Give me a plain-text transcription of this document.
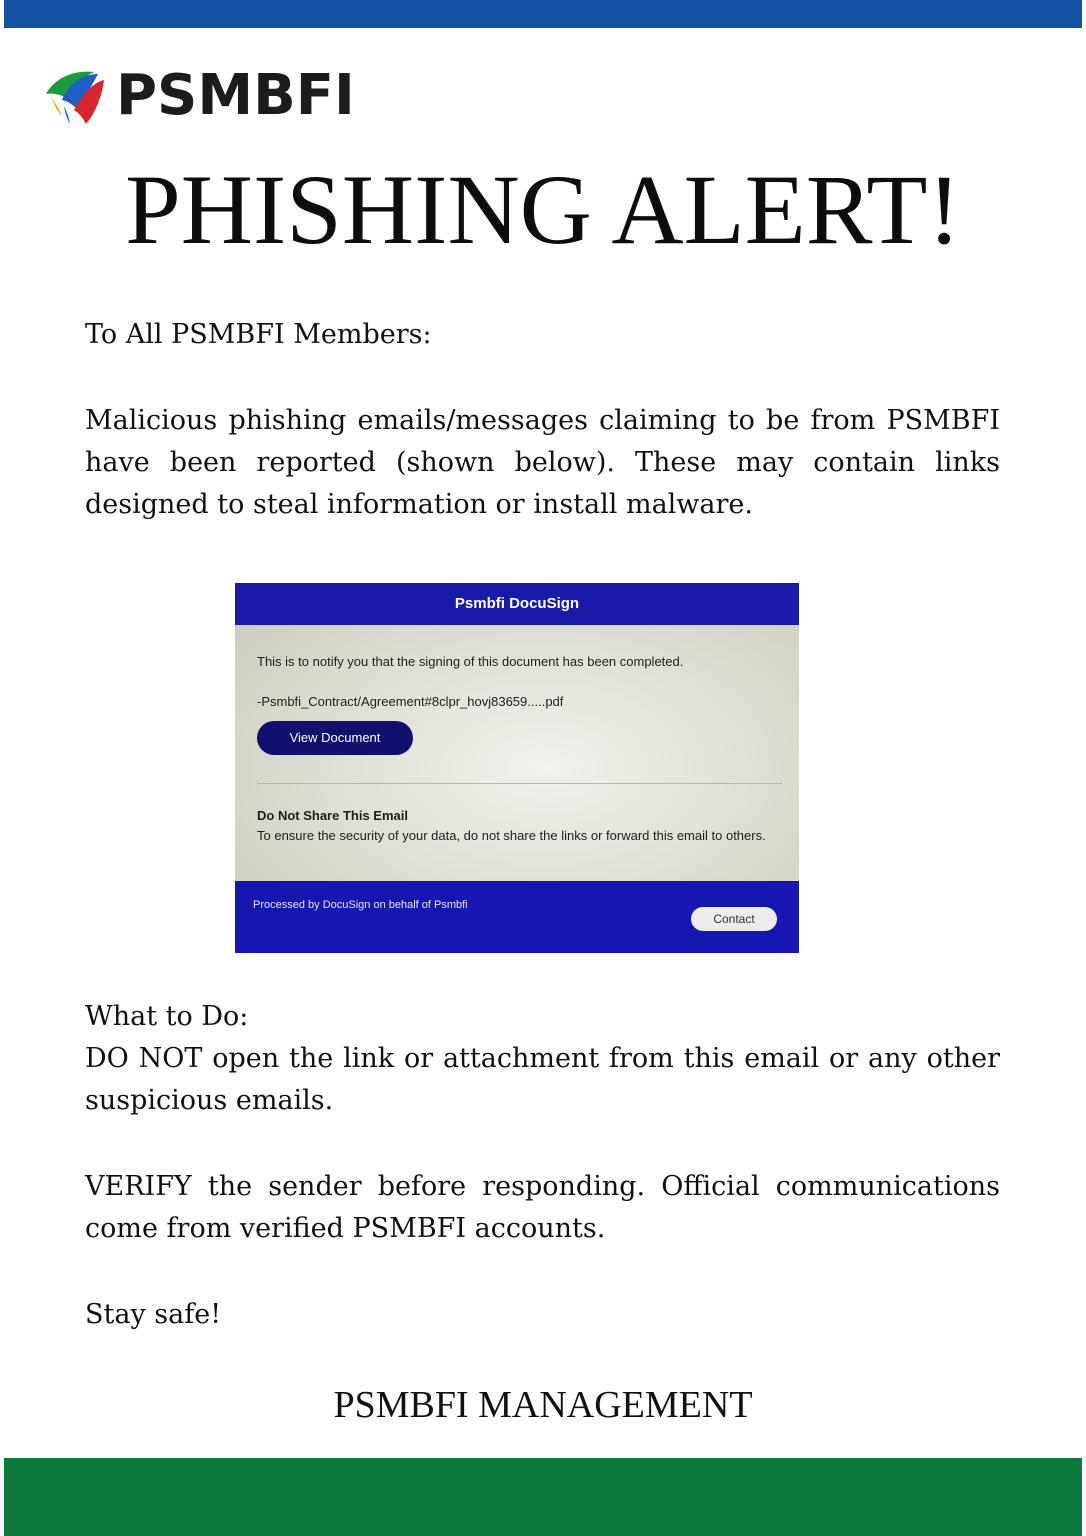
PSMBFI
PHISHING ALERT!

To All PSMBFI Members:

Malicious phishing emails/messages claiming to be from PSMBFI have been reported (shown below). These may contain links designed to steal information or install malware.

Psmbfi DocuSign
This is to notify you that the signing of this document has been completed.
-Psmbfi_Contract/Agreement#8clpr_hovj83659.....pdf
View Document
Do Not Share This Email
To ensure the security of your data, do not share the links or forward this email to others.
Processed by DocuSign on behalf of Psmbfi
Contact

What to Do:

DO NOT open the link or attachment from this email or any other suspicious emails.

VERIFY the sender before responding. Official communications come from verified PSMBFI accounts.

Stay safe!

PSMBFI MANAGEMENT
